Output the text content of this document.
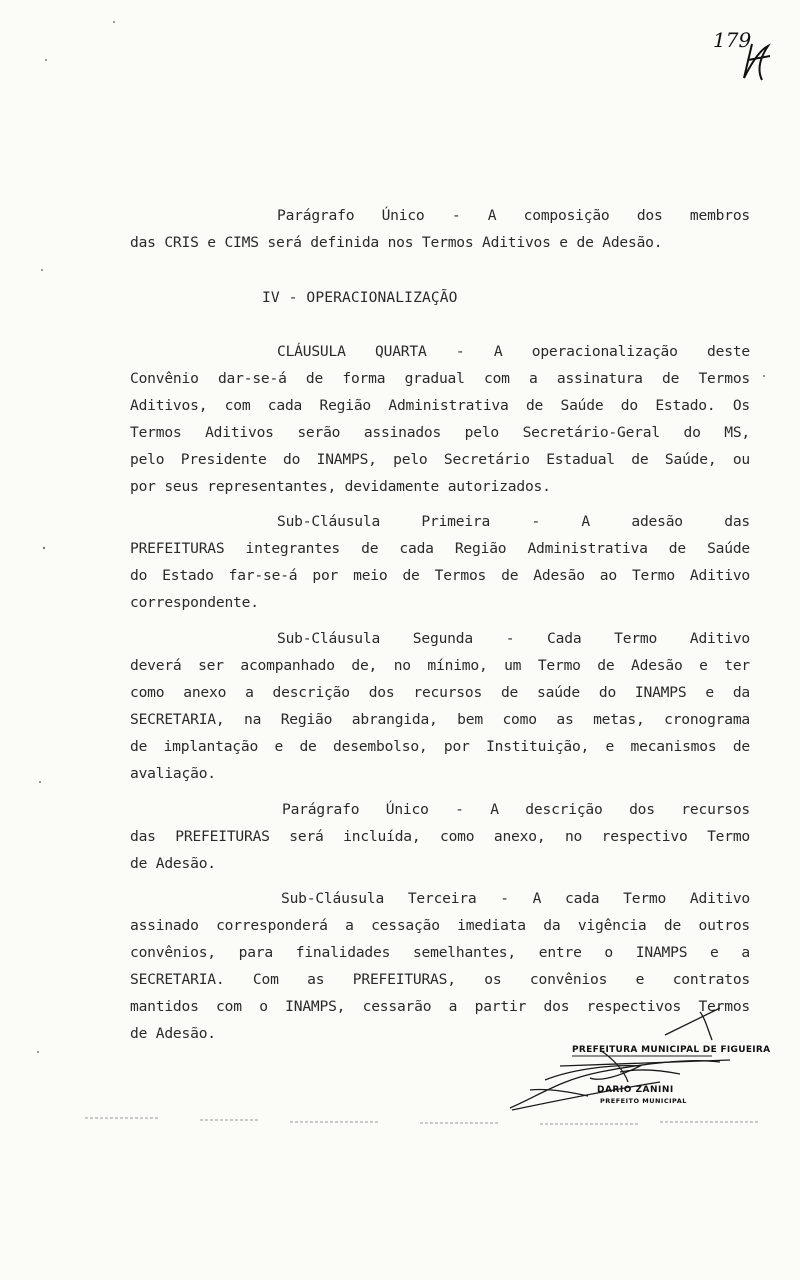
179
Parágrafo Único - A composição dos membros
das CRIS e CIMS será definida nos Termos Aditivos e de Adesão.
IV - OPERACIONALIZAÇÃO
CLÁUSULA QUARTA - A operacionalização deste
Convênio dar-se-á de forma gradual com a assinatura de Termos
Aditivos, com cada Região Administrativa de Saúde do Estado. Os
Termos Aditivos serão assinados pelo Secretário-Geral do MS,
pelo Presidente do INAMPS, pelo Secretário Estadual de Saúde, ou
por seus representantes, devidamente autorizados.
Sub-Cláusula Primeira - A adesão das
PREFEITURAS integrantes de cada Região Administrativa de Saúde
do Estado far-se-á por meio de Termos de Adesão ao Termo Aditivo
correspondente.
Sub-Cláusula Segunda - Cada Termo Aditivo
deverá ser acompanhado de, no mínimo, um Termo de Adesão e ter
como anexo a descrição dos recursos de saúde do INAMPS e da
SECRETARIA, na Região abrangida, bem como as metas, cronograma
de implantação e de desembolso, por Instituição, e mecanismos de
avaliação.
Parágrafo Único - A descrição dos recursos
das PREFEITURAS será incluída, como anexo, no respectivo Termo
de Adesão.
Sub-Cláusula Terceira - A cada Termo Aditivo
assinado corresponderá a cessação imediata da vigência de outros
convênios, para finalidades semelhantes, entre o INAMPS e a
SECRETARIA. Com as PREFEITURAS, os convênios e contratos
mantidos com o INAMPS, cessarão a partir dos respectivos Termos
de Adesão.
PREFEITURA MUNICIPAL DE FIGUEIRA
DARIO ZANINI
PREFEITO MUNICIPAL
